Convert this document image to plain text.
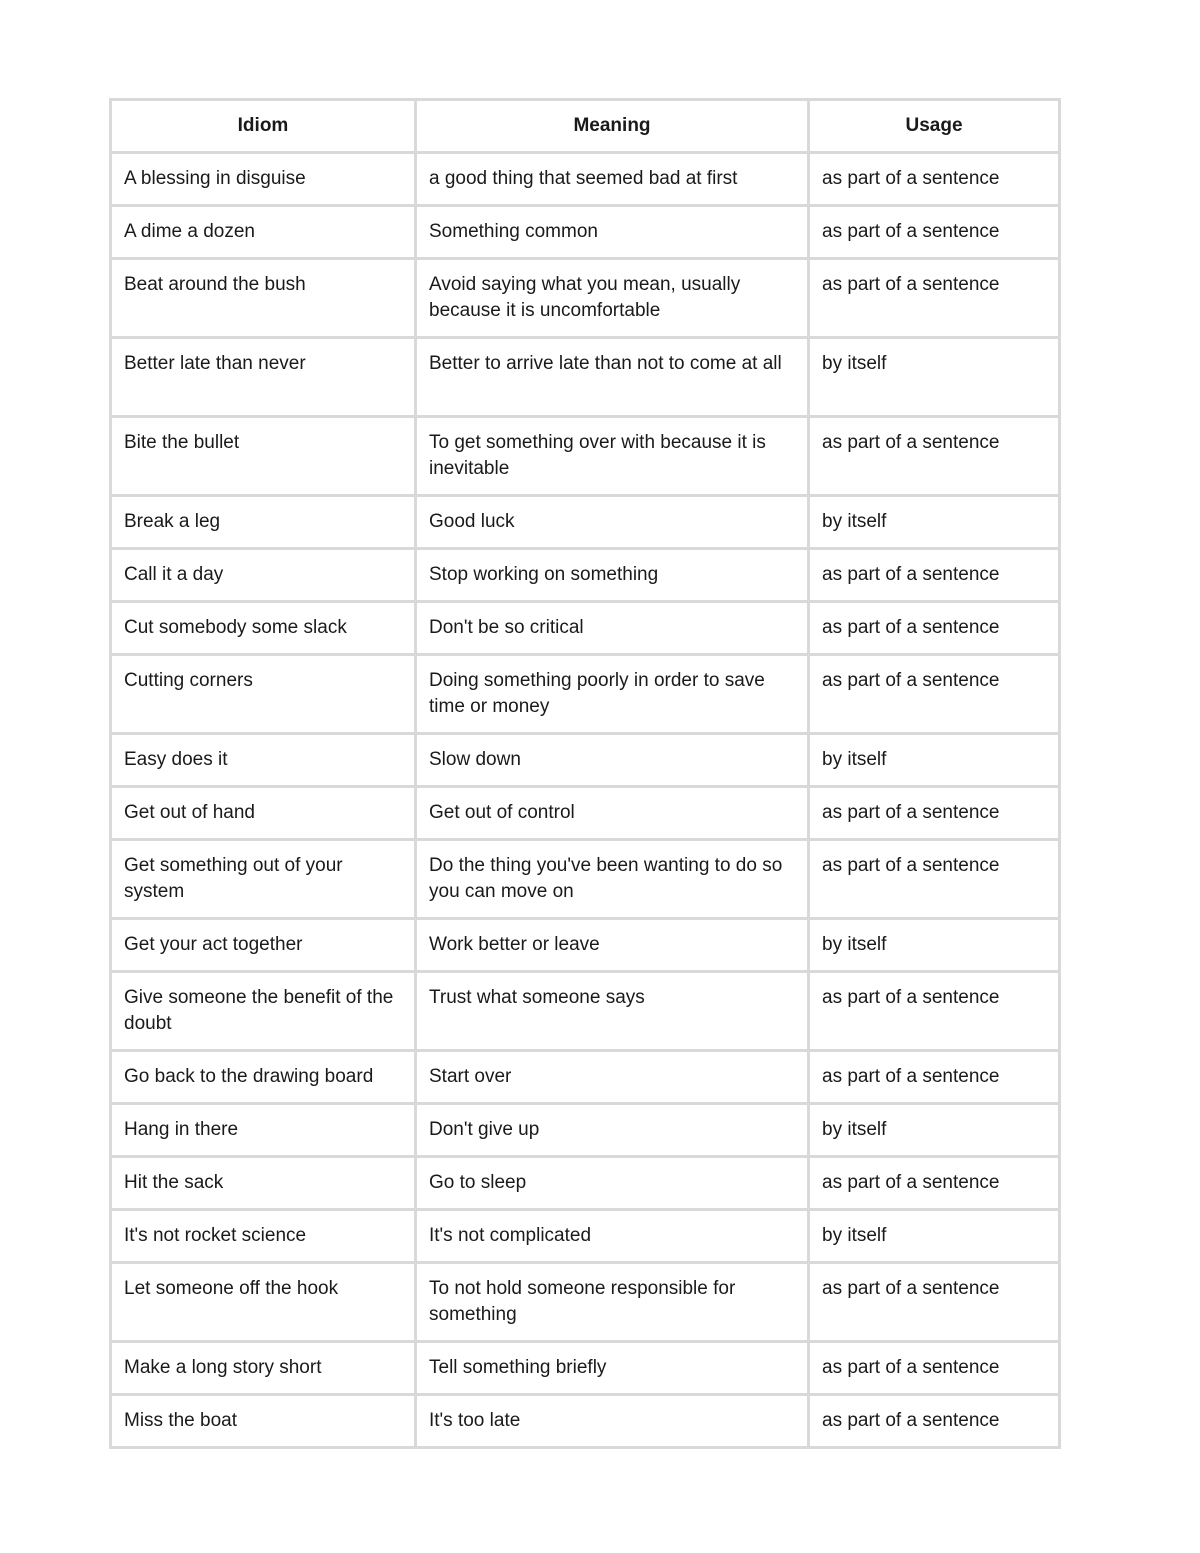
Idiom	Meaning	Usage
A blessing in disguise	a good thing that seemed bad at first	as part of a sentence
A dime a dozen	Something common	as part of a sentence
Beat around the bush	Avoid saying what you mean, usually because it is uncomfortable	as part of a sentence
Better late than never	Better to arrive late than not to come at all	by itself
Bite the bullet	To get something over with because it is inevitable	as part of a sentence
Break a leg	Good luck	by itself
Call it a day	Stop working on something	as part of a sentence
Cut somebody some slack	Don't be so critical	as part of a sentence
Cutting corners	Doing something poorly in order to save time or money	as part of a sentence
Easy does it	Slow down	by itself
Get out of hand	Get out of control	as part of a sentence
Get something out of your system	Do the thing you've been wanting to do so you can move on	as part of a sentence
Get your act together	Work better or leave	by itself
Give someone the benefit of the doubt	Trust what someone says	as part of a sentence
Go back to the drawing board	Start over	as part of a sentence
Hang in there	Don't give up	by itself
Hit the sack	Go to sleep	as part of a sentence
It's not rocket science	It's not complicated	by itself
Let someone off the hook	To not hold someone responsible for something	as part of a sentence
Make a long story short	Tell something briefly	as part of a sentence
Miss the boat	It's too late	as part of a sentence
